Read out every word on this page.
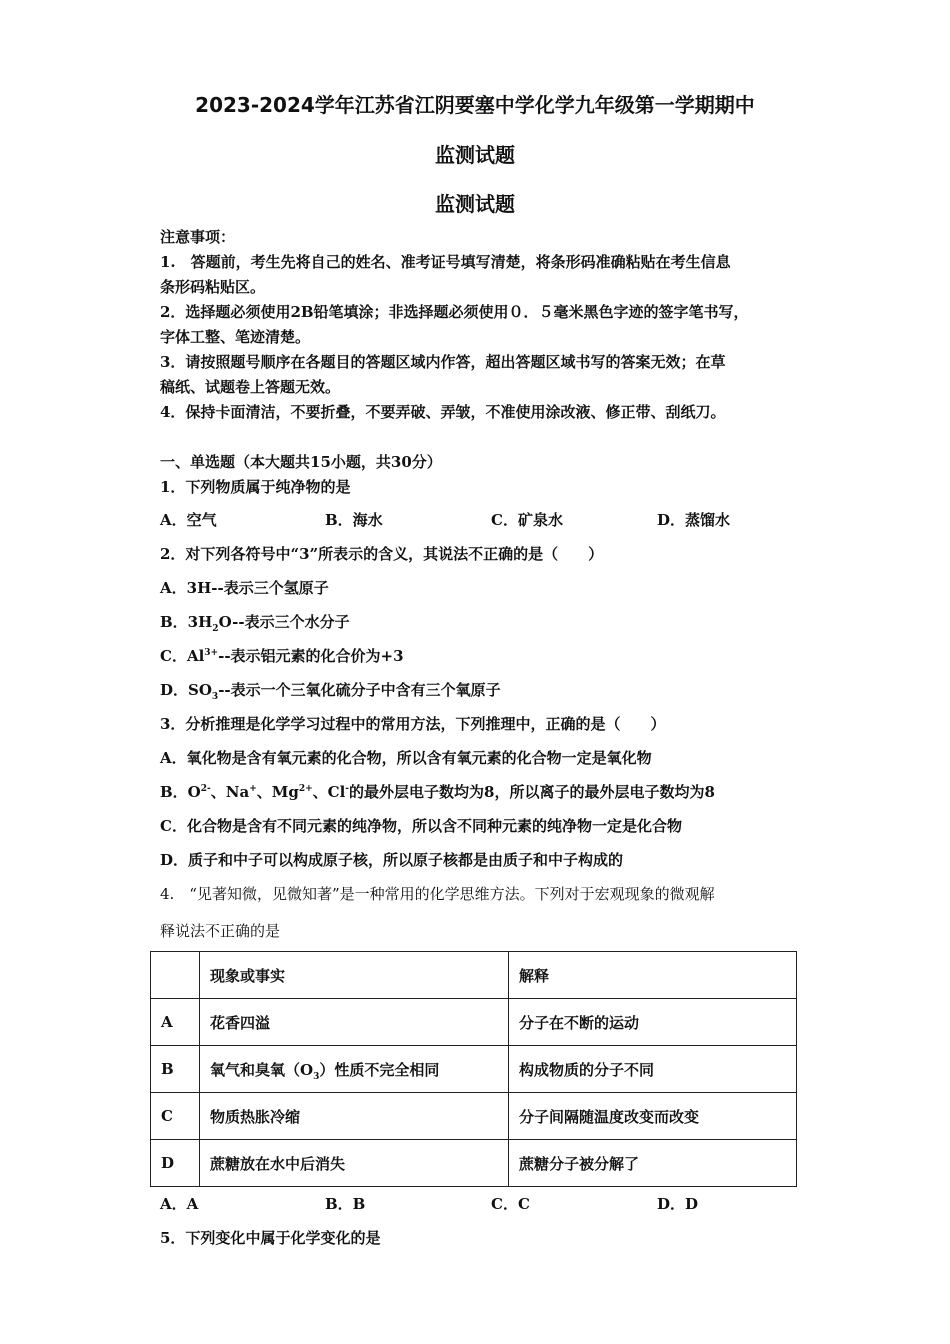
2023-2024学年江苏省江阴要塞中学化学九年级第一学期期中
监测试题
监测试题
注意事项：
1.　答题前，考生先将自己的姓名、准考证号填写清楚，将条形码准确粘贴在考生信息
条形码粘贴区。
2．选择题必须使用2B铅笔填涂；非选择题必须使用０．５毫米黑色字迹的签字笔书写，
字体工整、笔迹清楚。
3．请按照题号顺序在各题目的答题区域内作答，超出答题区域书写的答案无效；在草
稿纸、试题卷上答题无效。
4．保持卡面清洁，不要折叠，不要弄破、弄皱，不准使用涂改液、修正带、刮纸刀。
一、单选题（本大题共15小题，共30分）
1．下列物质属于纯净物的是
A．空气	B．海水	C．矿泉水	D．蒸馏水
2．对下列各符号中“3”所表示的含义，其说法不正确的是（　　）
A．3H--表示三个氢原子
B．$3H_2O--$表示三个水分子
C．$Al^{3+}--$表示铝元素的化合价为+3
D．$SO_3--$表示一个三氧化硫分子中含有三个氧原子
3．分析推理是化学学习过程中的常用方法，下列推理中，正确的是（　　）
A．氧化物是含有氧元素的化合物，所以含有氧元素的化合物一定是氧化物
B．$O^{2-}$、Na+、$Mg^{2+}$、Cl-的最外层电子数均为8，所以离子的最外层电子数均为8
C．化合物是含有不同元素的纯净物，所以含不同种元素的纯净物一定是化合物
D．质子和中子可以构成原子核，所以原子核都是由质子和中子构成的
4.　“见著知微，见微知著”是一种常用的化学思维方法。下列对于宏观现象的微观解
释说法不正确的是
	现象或事实	解释
A	花香四溢	分子在不断的运动
B	氧气和臭氧$(O_3)$性质不完全相同	构成物质的分子不同
C	物质热胀冷缩	分子间隔随温度改变而改变
D	蔗糖放在水中后消失	蔗糖分子被分解了
A．A	B．B	C．C	D．D
5．下列变化中属于化学变化的是
